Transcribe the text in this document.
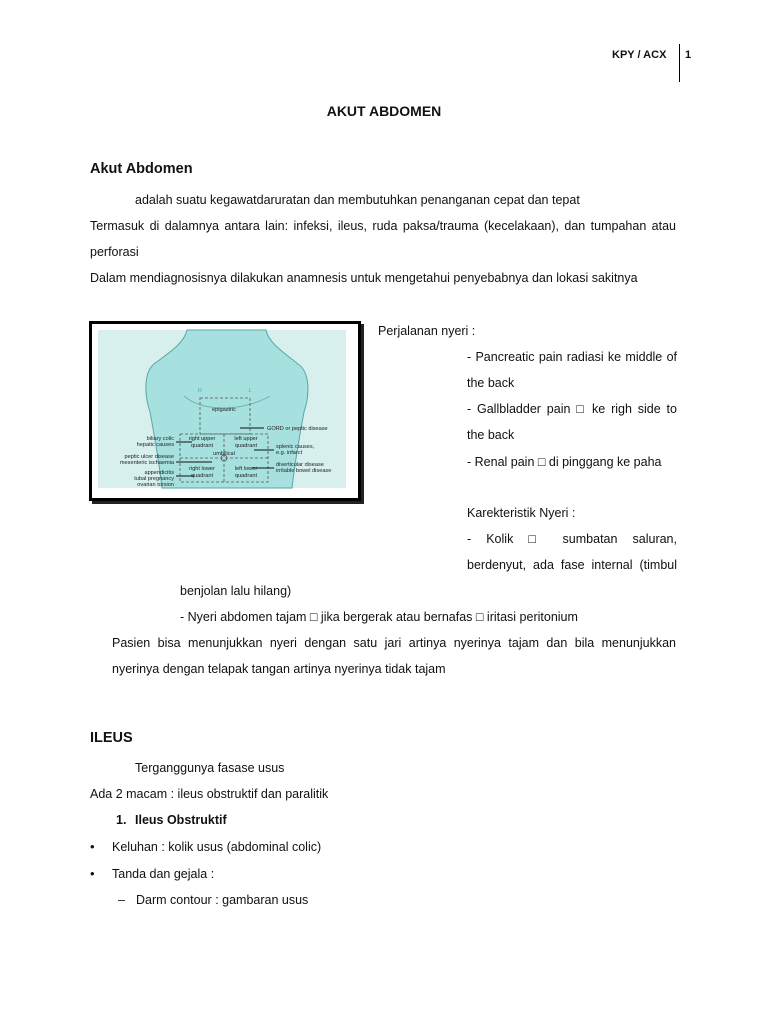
KPY / ACX 1
AKUT ABDOMEN
Akut Abdomen
adalah suatu kegawatdaruratan dan membutuhkan penanganan cepat dan tepat
Termasuk di dalamnya antara lain: infeksi, ileus, ruda paksa/trauma (kecelakaan), dan tumpahan atau
perforasi
Dalam mendiagnosisnya dilakukan anamnesis untuk mengetahui penyebabnya dan lokasi sakitnya
epigastric
GORD or peptic disease
right upper
quadrant
left upper
quadrant
umbilical
right lower
quadrant
left lower
quadrant
biliary colic
hepatic causes
peptic ulcer disease
mesenteric ischaemia
appendicitis
tubal pregnancy
ovarian torsion
splenic causes,
e.g. infarct
diverticular disease
irritable bowel disease
R	L
Perjalanan nyeri :
- Pancreatic pain radiasi ke middle of
the back
- Gallbladder pain □ ke righ side to
the back
- Renal pain □ di pinggang ke paha
Karekteristik Nyeri :
- Kolik □ sumbatan saluran,
berdenyut, ada fase internal (timbul
benjolan lalu hilang)
- Nyeri abdomen tajam □ jika bergerak atau bernafas □ iritasi peritonium
Pasien bisa menunjukkan nyeri dengan satu jari artinya nyerinya tajam dan bila menunjukkan
nyerinya dengan telapak tangan artinya nyerinya tidak tajam
ILEUS
Terganggunya fasase usus
Ada 2 macam : ileus obstruktif dan paralitik
1. Ileus Obstruktif
• Keluhan : kolik usus (abdominal colic)
• Tanda dan gejala :
– Darm contour : gambaran usus
